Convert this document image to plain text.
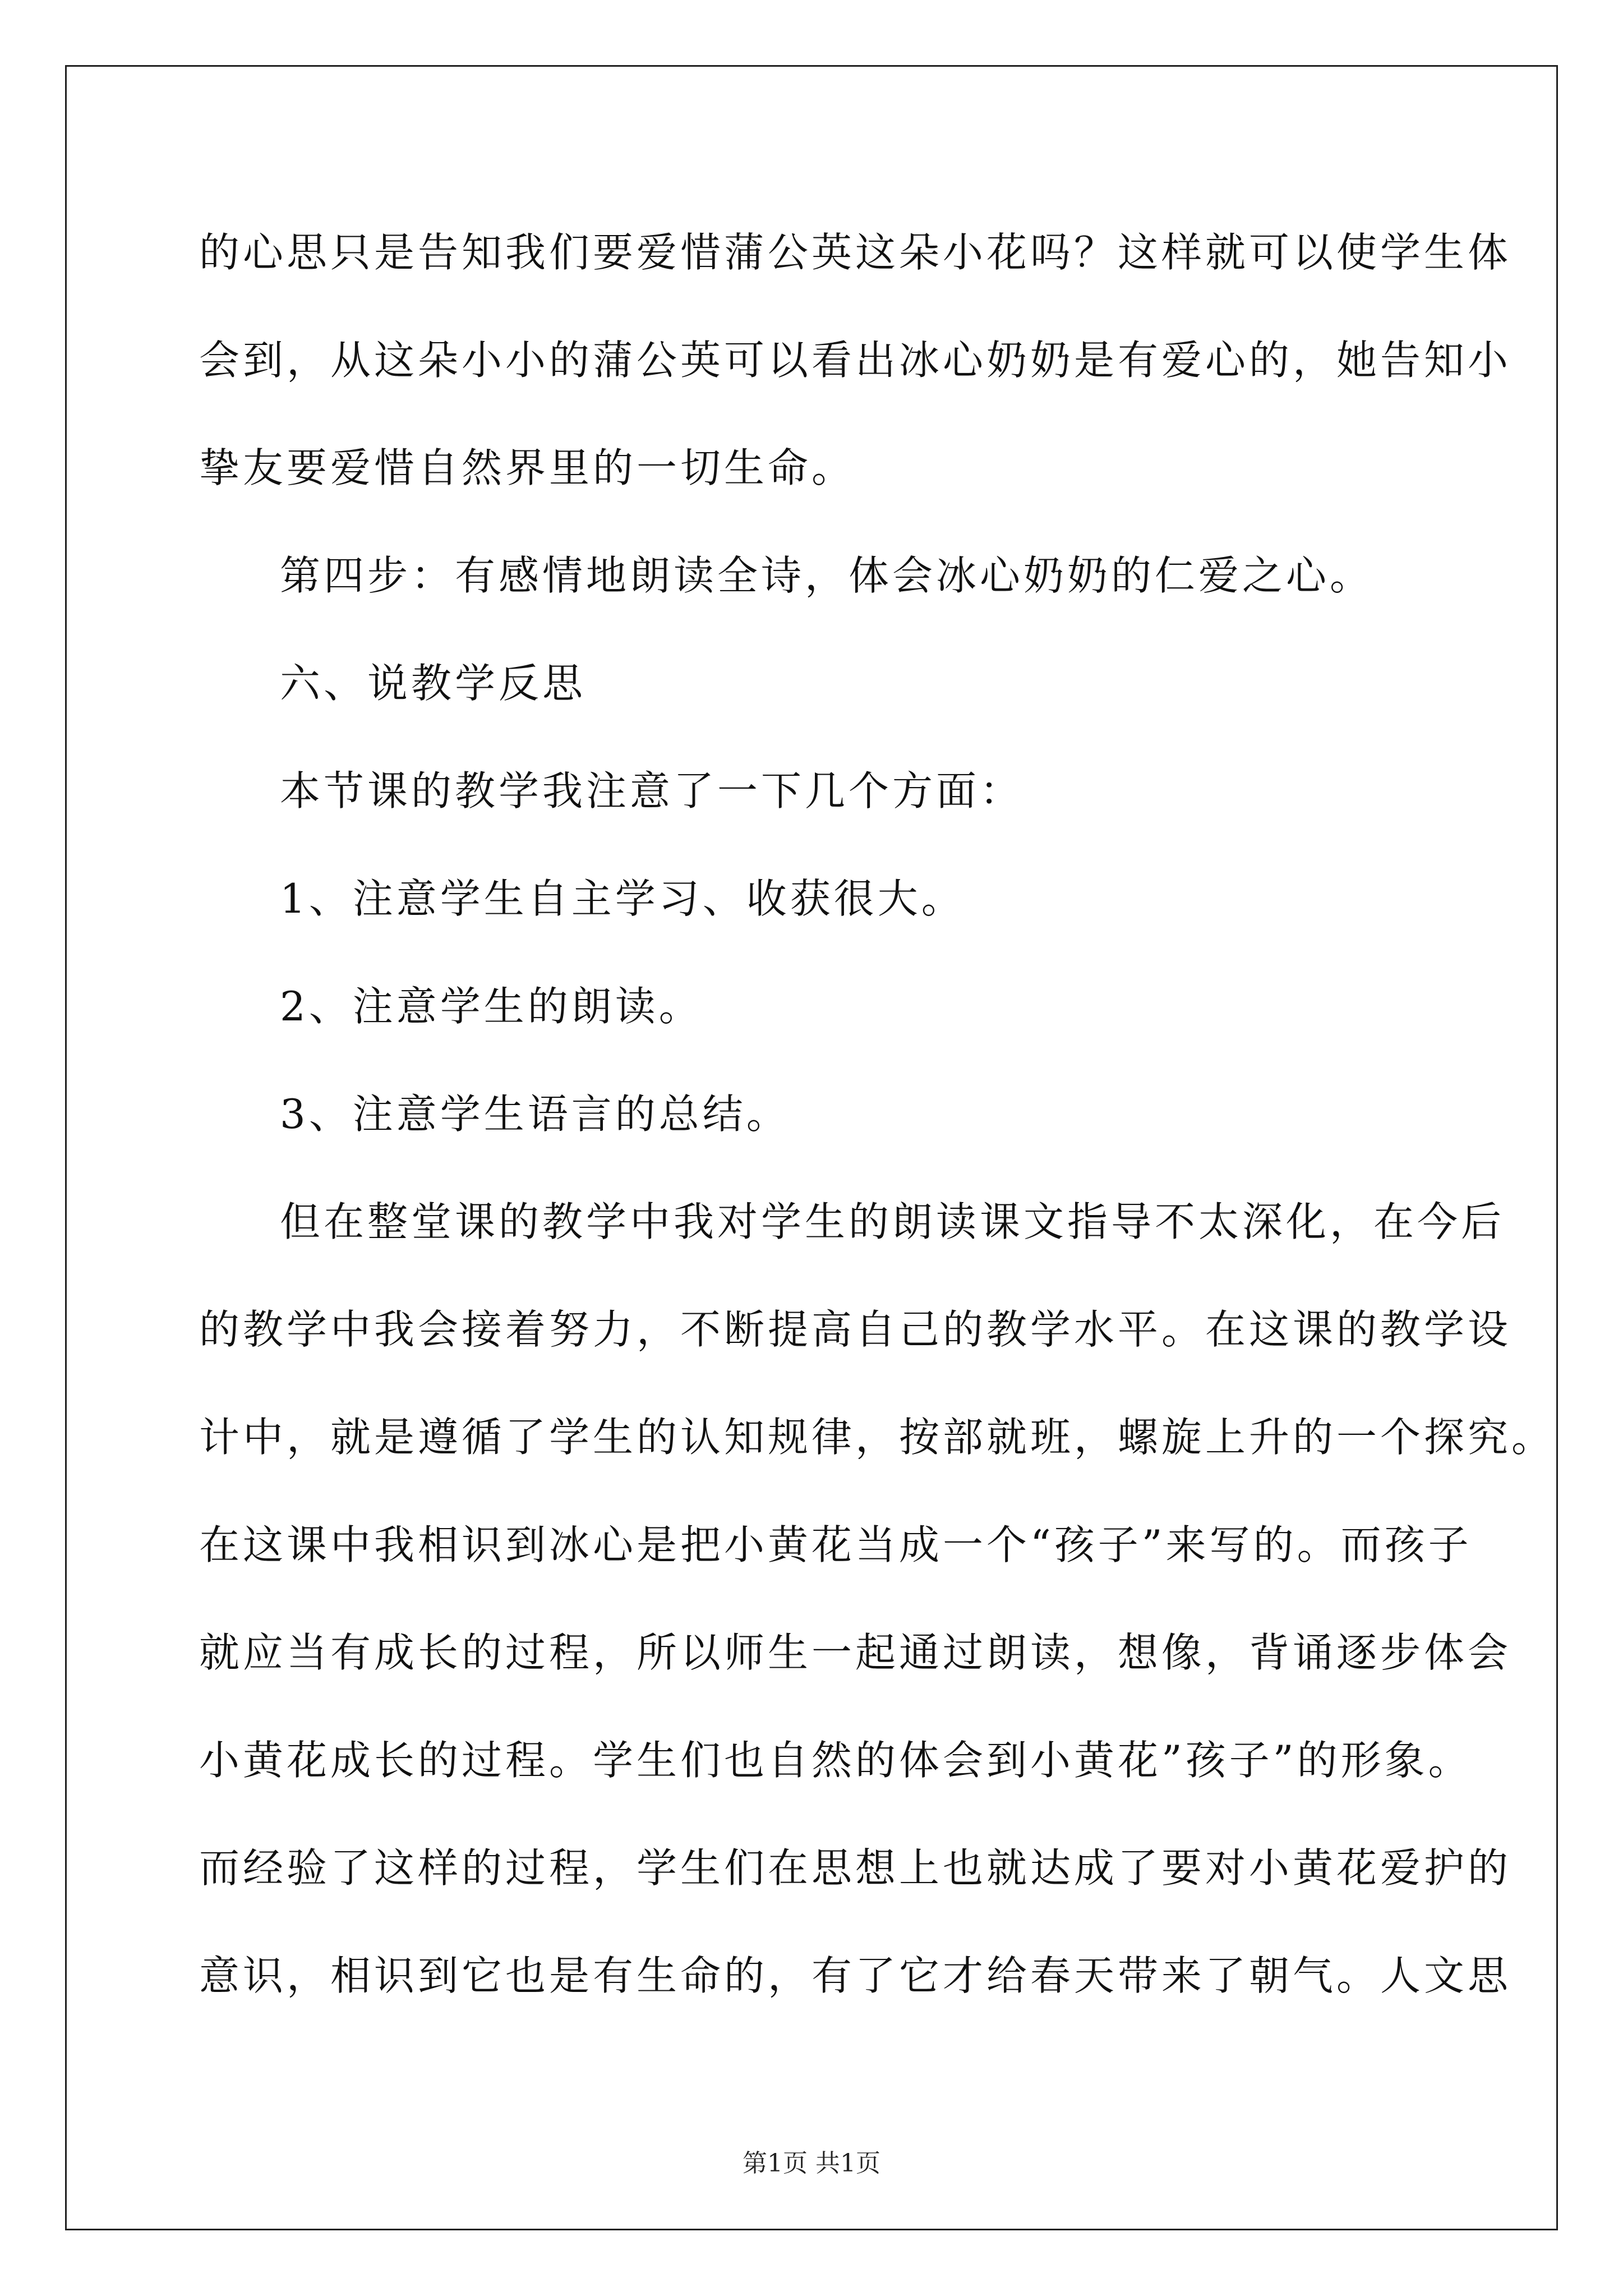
的心思只是告知我们要爱惜蒲公英这朵小花吗？这样就可以使学生体
会到，从这朵小小的蒲公英可以看出冰心奶奶是有爱心的，她告知小
挚友要爱惜自然界里的一切生命。
第四步：有感情地朗读全诗，体会冰心奶奶的仁爱之心。
六、说教学反思
本节课的教学我注意了一下几个方面：
1、注意学生自主学习、收获很大。
2、注意学生的朗读。
3、注意学生语言的总结。
但在整堂课的教学中我对学生的朗读课文指导不太深化，在今后
的教学中我会接着努力，不断提高自己的教学水平。在这课的教学设
计中，就是遵循了学生的认知规律，按部就班，螺旋上升的一个探究。
在这课中我相识到冰心是把小黄花当成一个“孩子”来写的。而孩子
就应当有成长的过程，所以师生一起通过朗读，想像，背诵逐步体会
小黄花成长的过程。学生们也自然的体会到小黄花”孩子”的形象。
而经验了这样的过程，学生们在思想上也就达成了要对小黄花爱护的
意识，相识到它也是有生命的，有了它才给春天带来了朝气。人文思
第1页 共1页
